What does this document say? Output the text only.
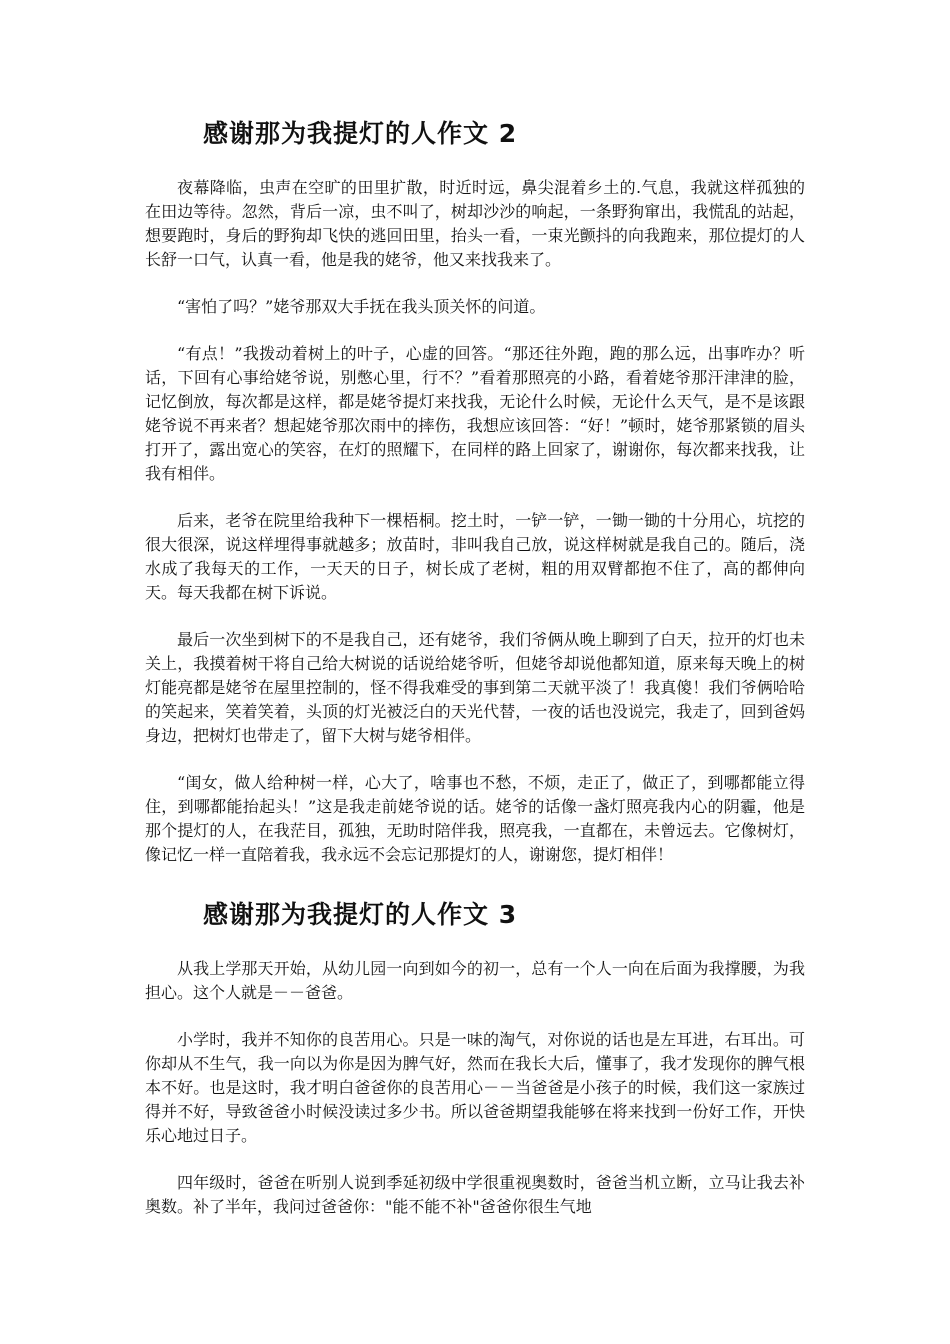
感谢那为我提灯的人作文 2

夜幕降临，虫声在空旷的田里扩散，时近时远，鼻尖混着乡土的.气息，我就这样孤独的在田边等待。忽然，背后一凉，虫不叫了，树却沙沙的响起，一条野狗窜出，我慌乱的站起，想要跑时，身后的野狗却飞快的逃回田里，抬头一看，一束光颤抖的向我跑来，那位提灯的人长舒一口气，认真一看，他是我的姥爷，他又来找我来了。

“害怕了吗？”姥爷那双大手抚在我头顶关怀的问道。

“有点！”我拨动着树上的叶子，心虚的回答。“那还往外跑，跑的那么远，出事咋办？听话，下回有心事给姥爷说，别憋心里，行不？”看着那照亮的小路，看着姥爷那汗津津的脸，记忆倒放，每次都是这样，都是姥爷提灯来找我，无论什么时候，无论什么天气，是不是该跟姥爷说不再来者？想起姥爷那次雨中的摔伤，我想应该回答：“好！”顿时，姥爷那紧锁的眉头打开了，露出宽心的笑容，在灯的照耀下，在同样的路上回家了，谢谢你，每次都来找我，让我有相伴。

后来，老爷在院里给我种下一棵梧桐。挖土时，一铲一铲，一锄一锄的十分用心，坑挖的很大很深，说这样埋得事就越多；放苗时，非叫我自己放，说这样树就是我自己的。随后，浇水成了我每天的工作，一天天的日子，树长成了老树，粗的用双臂都抱不住了，高的都伸向天。每天我都在树下诉说。

最后一次坐到树下的不是我自己，还有姥爷，我们爷俩从晚上聊到了白天，拉开的灯也未关上，我摸着树干将自己给大树说的话说给姥爷听，但姥爷却说他都知道，原来每天晚上的树灯能亮都是姥爷在屋里控制的，怪不得我难受的事到第二天就平淡了！我真傻！我们爷俩哈哈的笑起来，笑着笑着，头顶的灯光被泛白的天光代替，一夜的话也没说完，我走了，回到爸妈身边，把树灯也带走了，留下大树与姥爷相伴。

“闺女，做人给种树一样，心大了，啥事也不愁，不烦，走正了，做正了，到哪都能立得住，到哪都能抬起头！”这是我走前姥爷说的话。姥爷的话像一盏灯照亮我内心的阴霾，他是那个提灯的人，在我茫目，孤独，无助时陪伴我，照亮我，一直都在，未曾远去。它像树灯，像记忆一样一直陪着我，我永远不会忘记那提灯的人，谢谢您，提灯相伴！

感谢那为我提灯的人作文 3

从我上学那天开始，从幼儿园一向到如今的初一，总有一个人一向在后面为我撑腰，为我担心。这个人就是－－爸爸。

小学时，我并不知你的良苦用心。只是一味的淘气，对你说的话也是左耳进，右耳出。可你却从不生气，我一向以为你是因为脾气好，然而在我长大后，懂事了，我才发现你的脾气根本不好。也是这时，我才明白爸爸你的良苦用心－－当爸爸是小孩子的时候，我们这一家族过得并不好，导致爸爸小时候没读过多少书。所以爸爸期望我能够在将来找到一份好工作，开快乐心地过日子。

四年级时，爸爸在听别人说到季延初级中学很重视奥数时，爸爸当机立断，立马让我去补奥数。补了半年，我问过爸爸你："能不能不补"爸爸你很生气地
